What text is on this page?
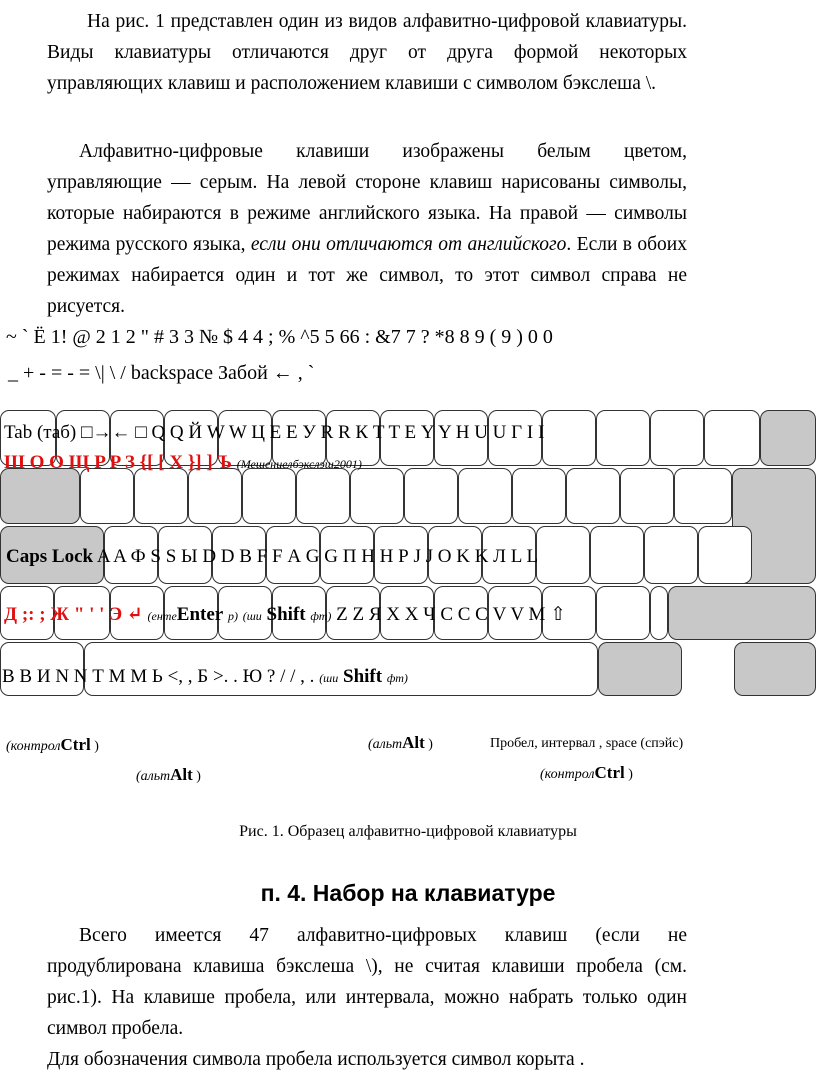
На рис. 1 представлен один из видов алфавитно-цифровой клавиатуры. Виды клавиатуры отличаются друг от друга формой некоторых управляющих клавиш и расположением клавиши с символом бэкслеша \.

Алфавитно-цифровые клавиши изображены белым цветом, управляющие — серым. На левой стороне клавиш нарисованы символы, которые набираются в режиме английского языка. На правой — символы режима русского языка, если они отличаются от английского. Если в обоих режимах набирается один и тот же символ, то этот символ справа не рисуется.

~ ` Ё 1! @ 2 1 2 " # 3 3 № $ 4 4 ; % ^5 5 66 : &7 7 ? *8 8 9 ( 9 ) 0 0
_ + - = - = \| \ / backspace Забой ← , `
Tab (таб) □→← □ Q Q Й W W Ц E E У R R К T T Е Y Y Н U U Г I I
Ш O O Щ P P З {[ [ Х }] ] Ъ (Мешениелбэкслэш2001)
Caps Lock A A Ф S S Ы D D В F F А G G П H H Р J J О K K Л L L
Д ;: ; Ж " ' ' Э ↵ (ентеEnter р) (ши Shift фт) Z Z Я X X Ч C C С V V М ⇧
B B И N N Т M M Ь <, , Б >. . Ю ? / / , . (ши Shift фт)
(контролCtrl )	(альтAlt )	Пробел, интервал , space (спэйс)
(альтAlt )	(контролCtrl )
Рис. 1. Образец алфавитно-цифровой клавиатуры
п. 4. Набор на клавиатуре

Всего имеется 47 алфавитно-цифровых клавиш (если не продублирована клавиша бэкслеша \), не считая клавиши пробела (см. рис.1). На клавише пробела, или интервала, можно набрать только один символ пробела.

Для обозначения символа пробела используется символ корыта .
